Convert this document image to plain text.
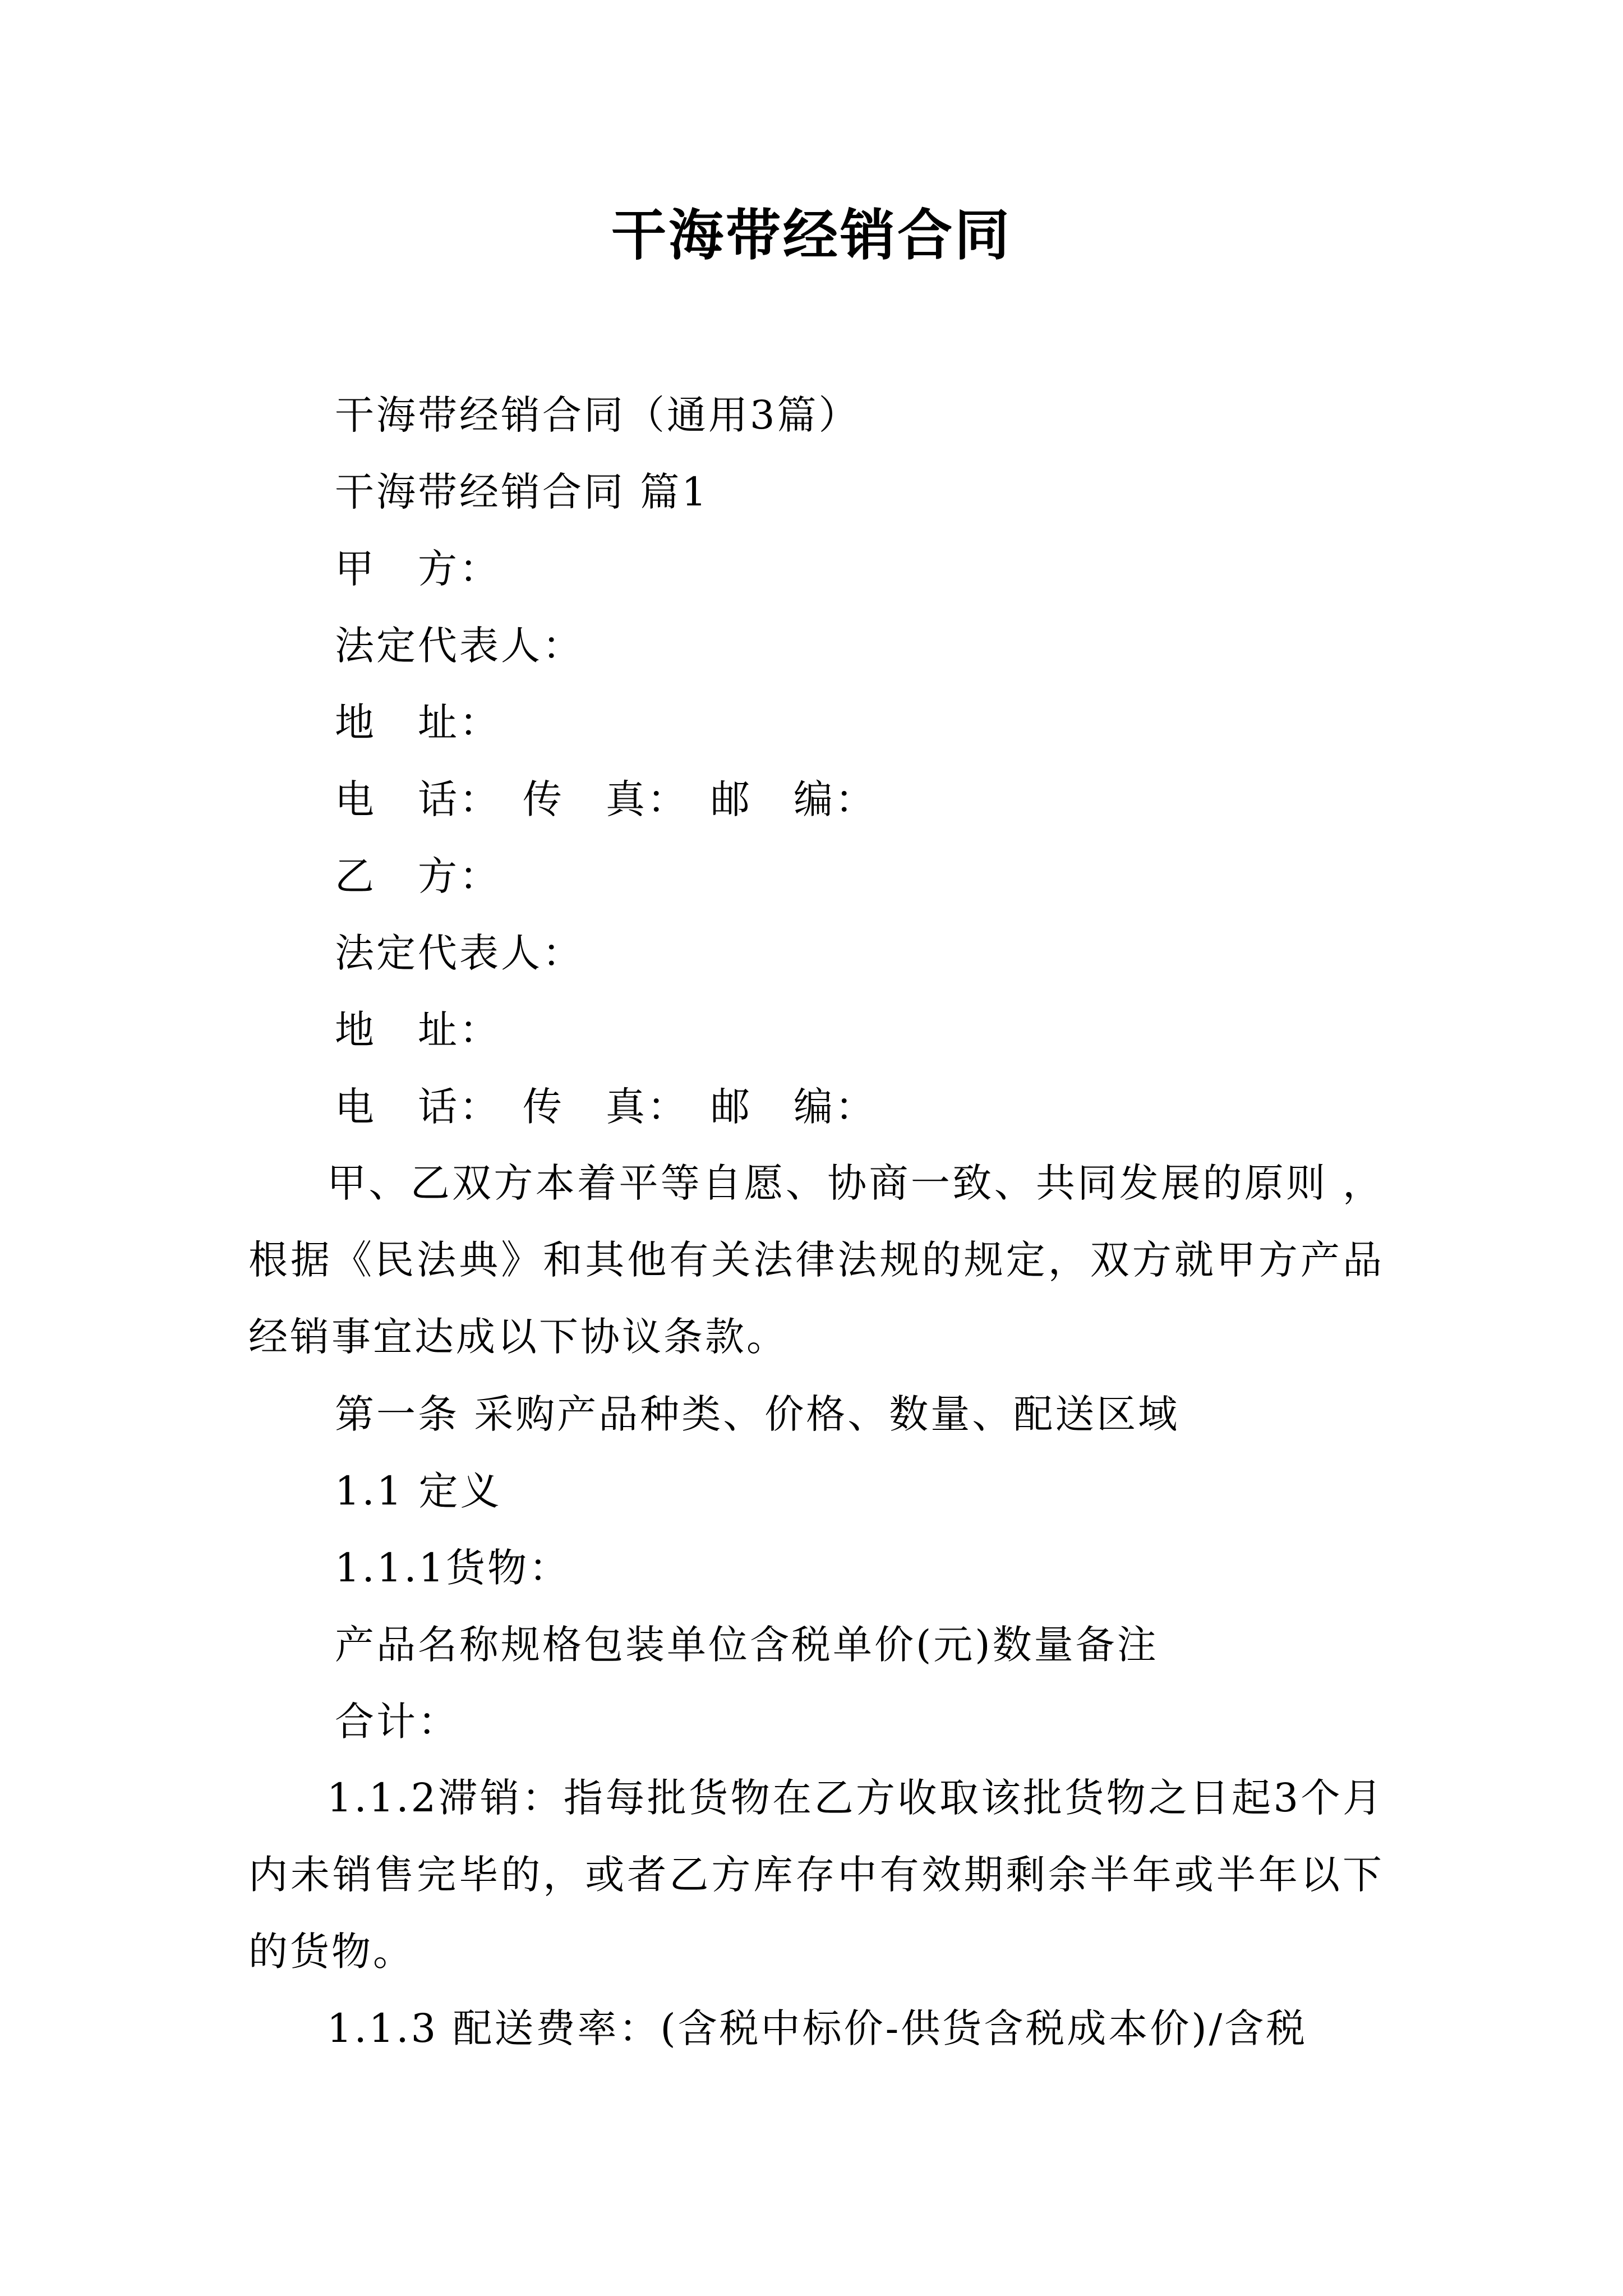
干海带经销合同
干海带经销合同（通用3篇）
干海带经销合同 篇1
甲　方：
法定代表人：
地　址：
电　话：　传　真：　邮　编：
乙　方：
法定代表人：
地　址：
电　话：　传　真：　邮　编：
甲、乙双方本着平等自愿、协商一致、共同发展的原则 ，根据《民法典》和其他有关法律法规的规定，双方就甲方产品经销事宜达成以下协议条款。
第一条 采购产品种类、价格、数量、配送区域
1.1 定义
1.1.1货物：
产品名称规格包装单位含税单价(元)数量备注
合计：
1.1.2滞销：指每批货物在乙方收取该批货物之日起3个月内未销售完毕的，或者乙方库存中有效期剩余半年或半年以下的货物。
1.1.3 配送费率：(含税中标价-供货含税成本价)/含税
